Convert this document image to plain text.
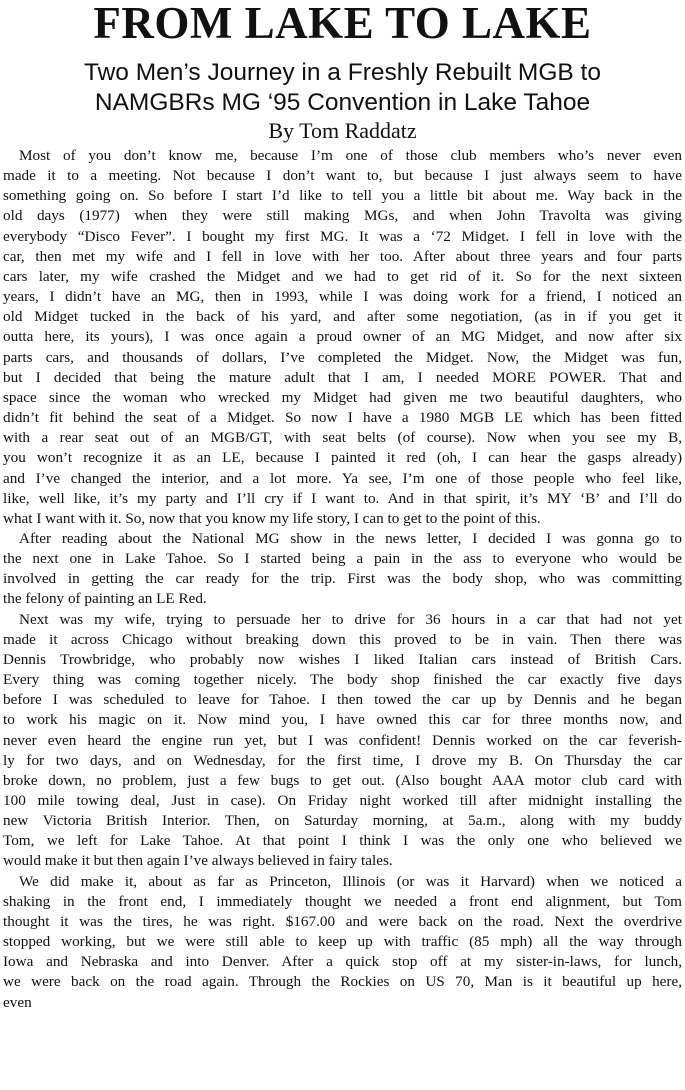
FROM LAKE TO LAKE
Two Men’s Journey in a Freshly Rebuilt MGB to
NAMGBRs MG ‘95 Convention in Lake Tahoe
By Tom Raddatz
Most of you don’t know me, because I’m one of those club members who’s never even
made it to a meeting. Not because I don’t want to, but because I just always seem to have
something going on. So before I start I’d like to tell you a little bit about me. Way back in the
old days (1977) when they were still making MGs, and when John Travolta was giving
everybody “Disco Fever”. I bought my first MG. It was a ‘72 Midget. I fell in love with the
car, then met my wife and I fell in love with her too. After about three years and four parts
cars later, my wife crashed the Midget and we had to get rid of it. So for the next sixteen
years, I didn’t have an MG, then in 1993, while I was doing work for a friend, I noticed an
old Midget tucked in the back of his yard, and after some negotiation, (as in if you get it
outta here, its yours), I was once again a proud owner of an MG Midget, and now after six
parts cars, and thousands of dollars, I’ve completed the Midget. Now, the Midget was fun,
but I decided that being the mature adult that I am, I needed MORE POWER. That and
space since the woman who wrecked my Midget had given me two beautiful daughters, who
didn’t fit behind the seat of a Midget. So now I have a 1980 MGB LE which has been fitted
with a rear seat out of an MGB/GT, with seat belts (of course). Now when you see my B,
you won’t recognize it as an LE, because I painted it red (oh, I can hear the gasps already)
and I’ve changed the interior, and a lot more. Ya see, I’m one of those people who feel like,
like, well like, it’s my party and I’ll cry if I want to. And in that spirit, it’s MY ‘B’ and I’ll do
what I want with it. So, now that you know my life story, I can to get to the point of this.
After reading about the National MG show in the news letter, I decided I was gonna go to
the next one in Lake Tahoe. So I started being a pain in the ass to everyone who would be
involved in getting the car ready for the trip. First was the body shop, who was committing
the felony of painting an LE Red.
Next was my wife, trying to persuade her to drive for 36 hours in a car that had not yet
made it across Chicago without breaking down this proved to be in vain. Then there was
Dennis Trowbridge, who probably now wishes I liked Italian cars instead of British Cars.
Every thing was coming together nicely. The body shop finished the car exactly five days
before I was scheduled to leave for Tahoe. I then towed the car up by Dennis and he began
to work his magic on it. Now mind you, I have owned this car for three months now, and
never even heard the engine run yet, but I was confident! Dennis worked on the car feverish-
ly for two days, and on Wednesday, for the first time, I drove my B. On Thursday the car
broke down, no problem, just a few bugs to get out. (Also bought AAA motor club card with
100 mile towing deal, Just in case). On Friday night worked till after midnight installing the
new Victoria British Interior. Then, on Saturday morning, at 5a.m., along with my buddy
Tom, we left for Lake Tahoe. At that point I think I was the only one who believed we
would make it but then again I’ve always believed in fairy tales.
We did make it, about as far as Princeton, Illinois (or was it Harvard) when we noticed a
shaking in the front end, I immediately thought we needed a front end alignment, but Tom
thought it was the tires, he was right. $167.00 and were back on the road. Next the overdrive
stopped working, but we were still able to keep up with traffic (85 mph) all the way through
Iowa and Nebraska and into Denver. After a quick stop off at my sister-in-laws, for lunch,
we were back on the road again. Through the Rockies on US 70, Man is it beautiful up here,
even
